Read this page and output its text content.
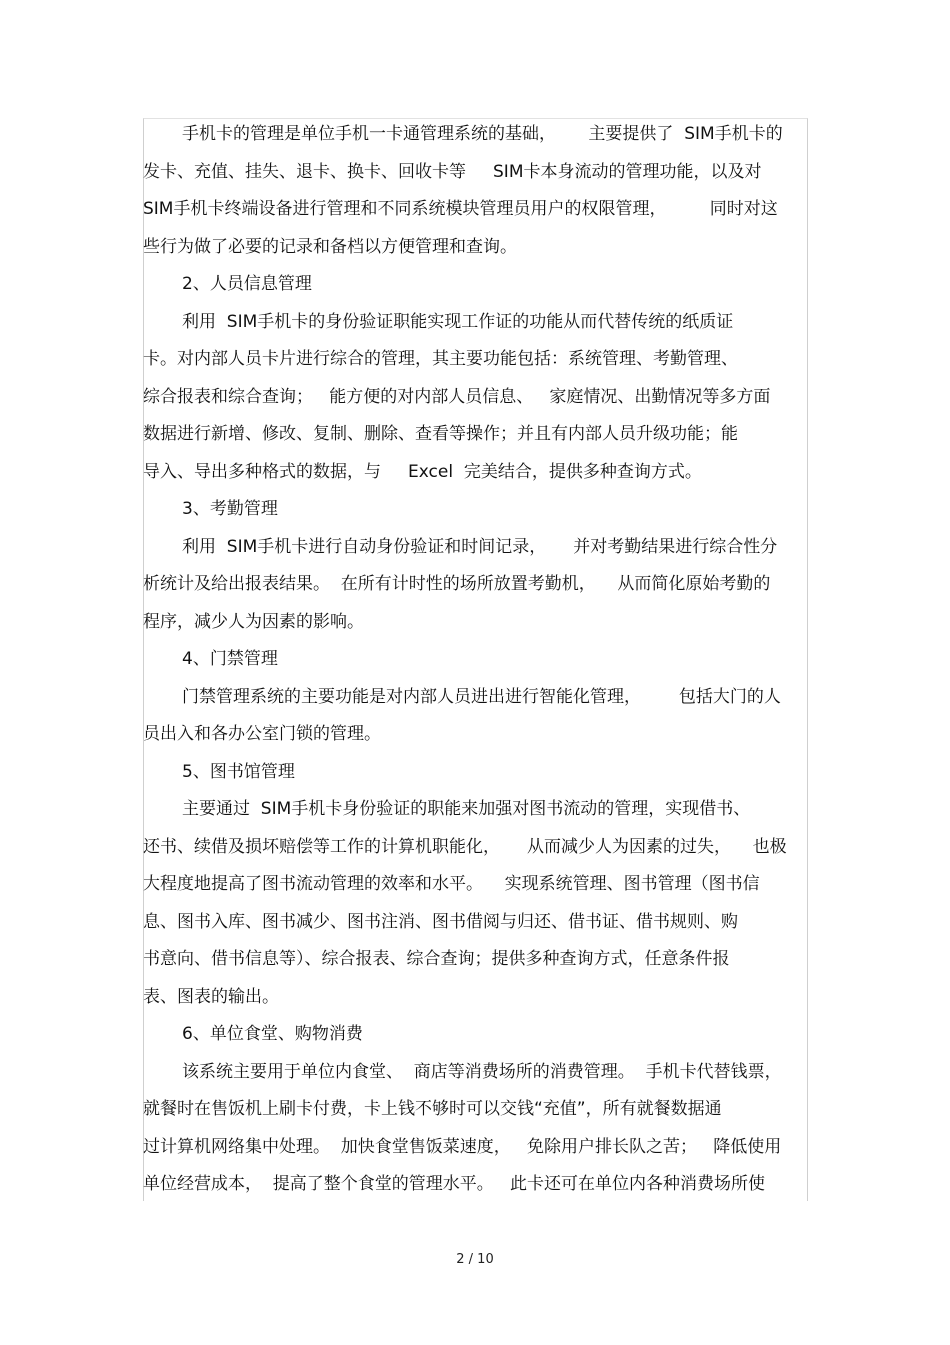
手机卡的管理是单位手机一卡通管理系统的基础，      主要提供了  SIM手机卡的
发卡、充值、挂失、退卡、换卡、回收卡等     SIM卡本身流动的管理功能，以及对
SIM手机卡终端设备进行管理和不同系统模块管理员用户的权限管理，        同时对这
些行为做了必要的记录和备档以方便管理和查询。
2、人员信息管理
利用  SIM手机卡的身份验证职能实现工作证的功能从而代替传统的纸质证
卡。对内部人员卡片进行综合的管理，其主要功能包括：系统管理、考勤管理、
综合报表和综合查询；   能方便的对内部人员信息、   家庭情况、出勤情况等多方面
数据进行新增、修改、复制、删除、查看等操作；并且有内部人员升级功能；能
导入、导出多种格式的数据，与     Excel  完美结合，提供多种查询方式。
3、考勤管理
利用  SIM手机卡进行自动身份验证和时间记录，     并对考勤结果进行综合性分
析统计及给出报表结果。  在所有计时性的场所放置考勤机，    从而简化原始考勤的
程序，减少人为因素的影响。
4、门禁管理
门禁管理系统的主要功能是对内部人员进出进行智能化管理，       包括大门的人
员出入和各办公室门锁的管理。
5、图书馆管理
主要通过  SIM手机卡身份验证的职能来加强对图书流动的管理，实现借书、
还书、续借及损坏赔偿等工作的计算机职能化，     从而减少人为因素的过失，    也极
大程度地提高了图书流动管理的效率和水平。    实现系统管理、图书管理（图书信
息、图书入库、图书减少、图书注消、图书借阅与归还、借书证、借书规则、购
书意向、借书信息等）、综合报表、综合查询；提供多种查询方式，任意条件报
表、图表的输出。
6、单位食堂、购物消费
该系统主要用于单位内食堂、  商店等消费场所的消费管理。  手机卡代替钱票，
就餐时在售饭机上刷卡付费，卡上钱不够时可以交钱“充值”，所有就餐数据通
过计算机网络集中处理。  加快食堂售饭菜速度，   免除用户排长队之苦；   降低使用
单位经营成本，  提高了整个食堂的管理水平。   此卡还可在单位内各种消费场所使
2 / 10
